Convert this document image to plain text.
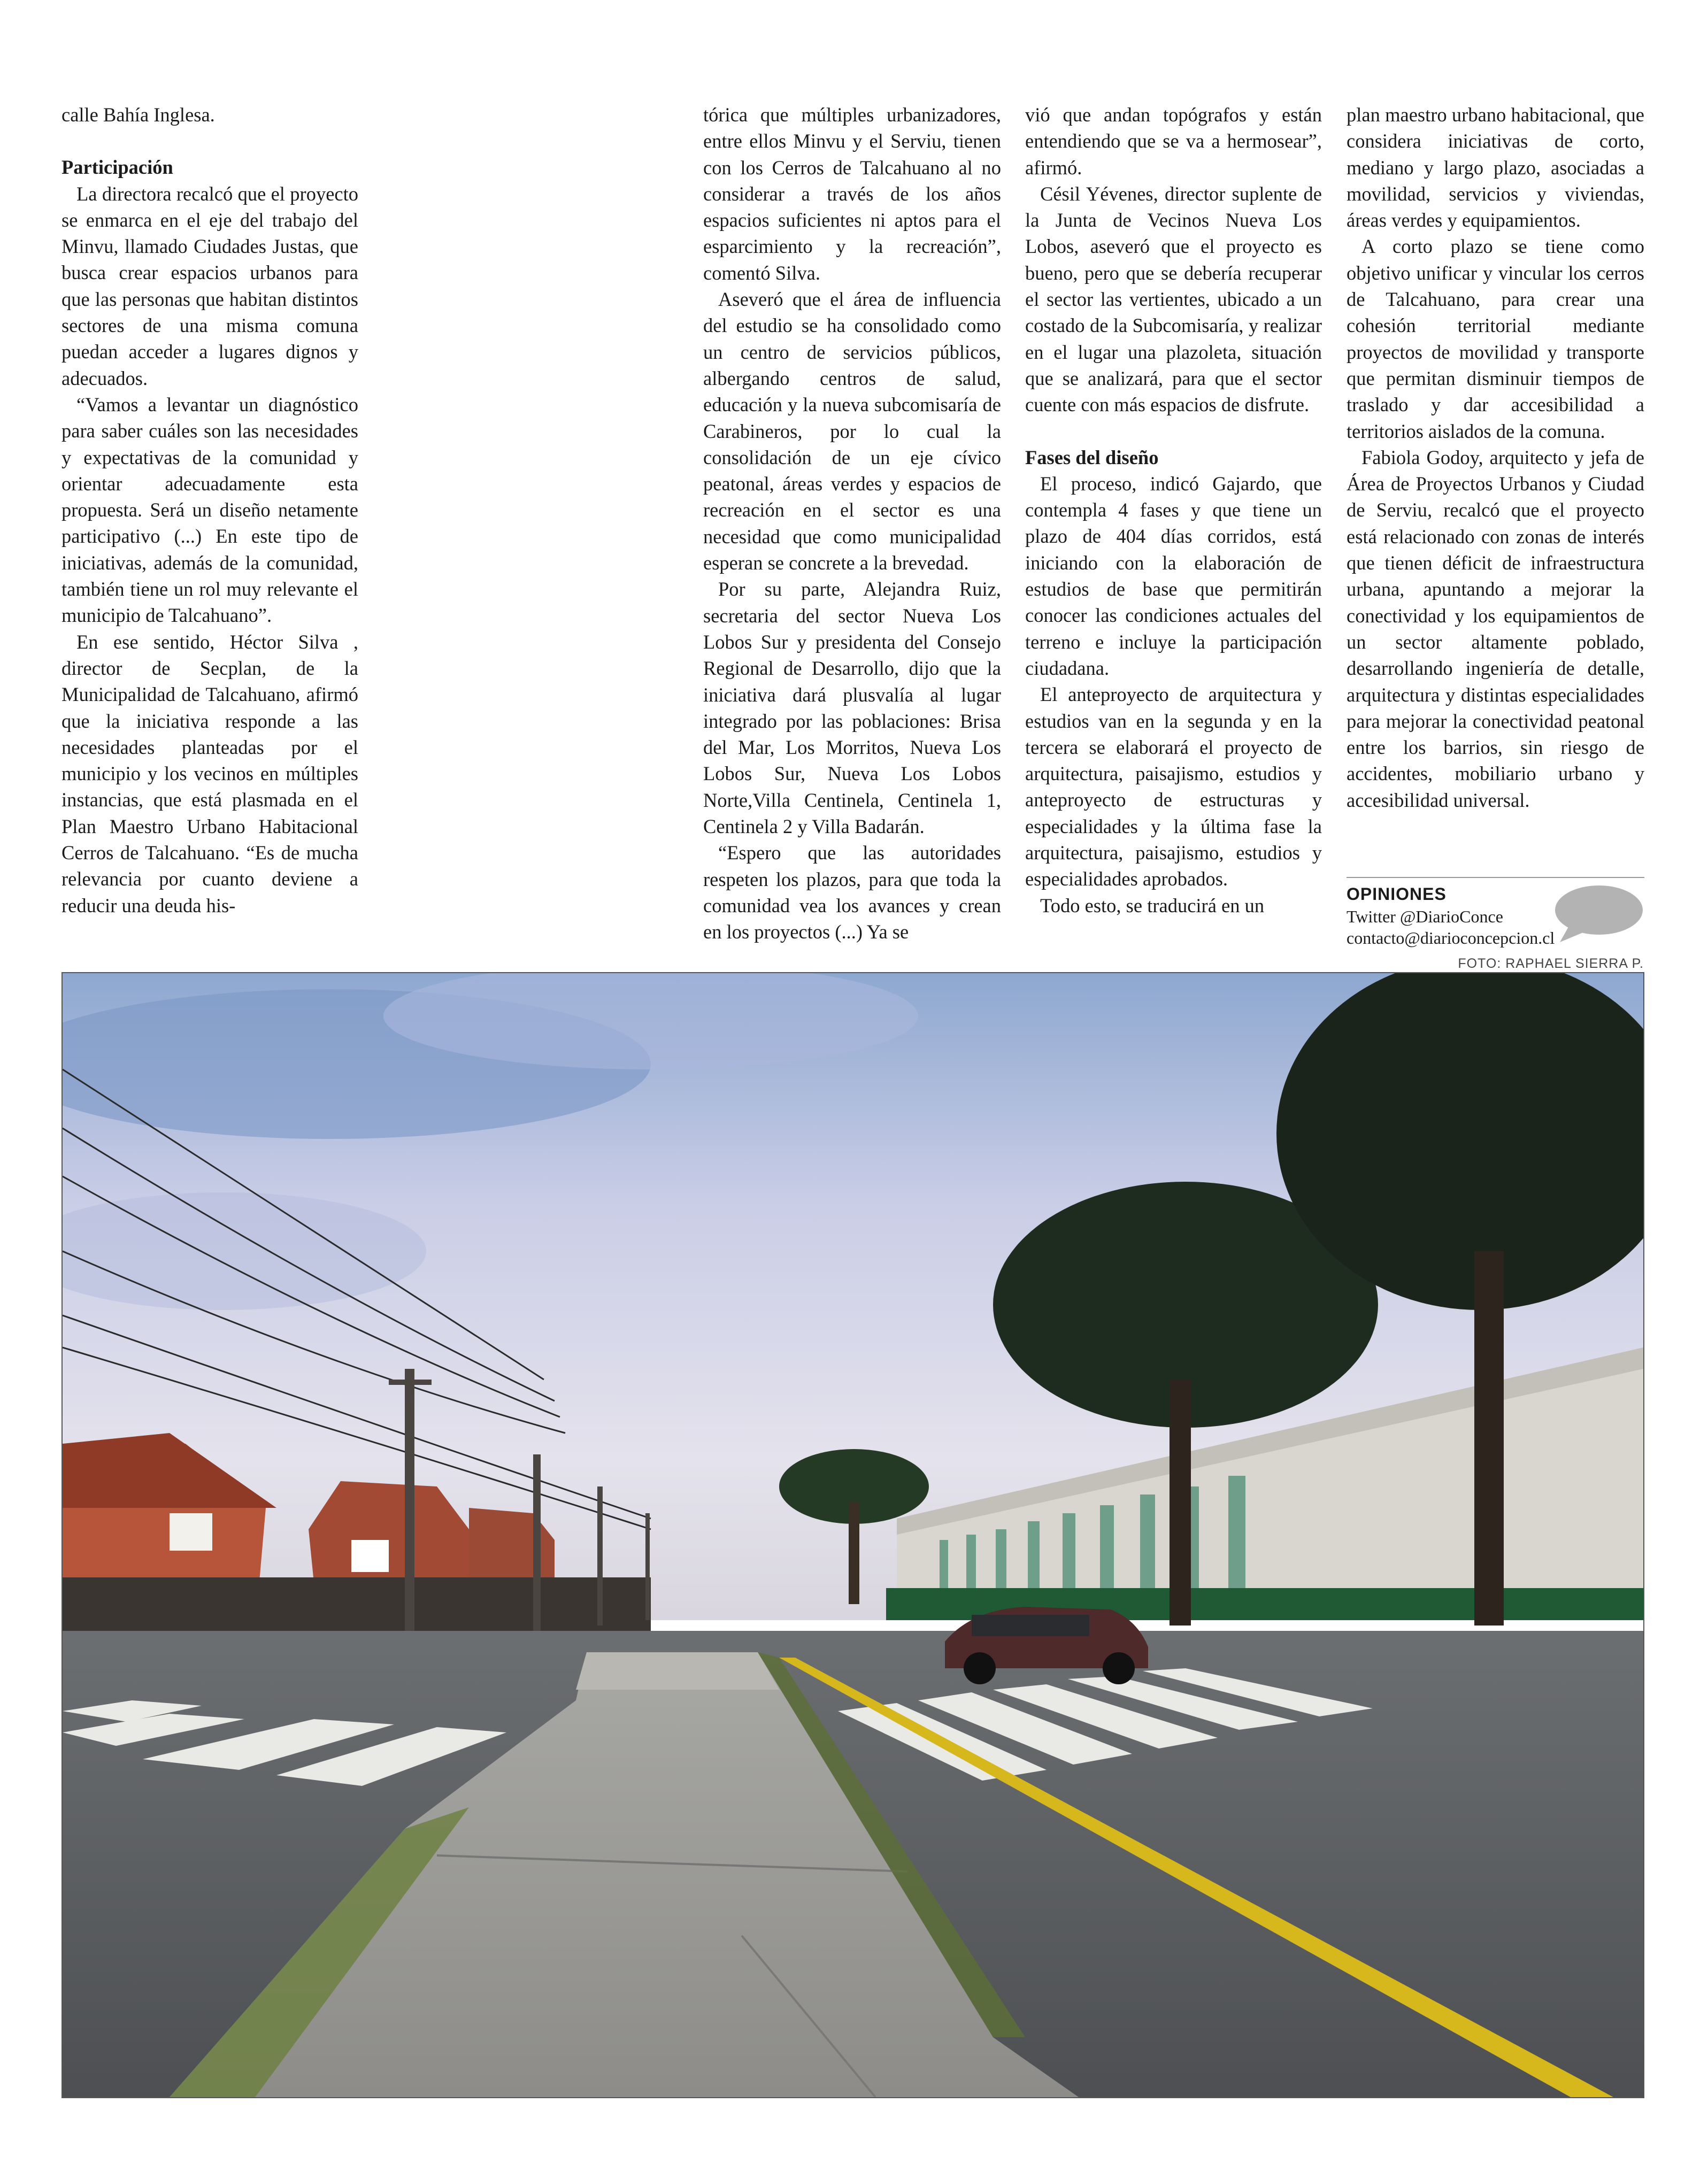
calle Bahía Inglesa.

Participación

La directora recalcó que el proyecto se enmarca en el eje del trabajo del Minvu, llamado Ciudades Justas, que busca crear espacios urbanos para que las personas que habitan distintos sectores de una misma comuna puedan acceder a lugares dignos y adecuados.

“Vamos a levantar un diagnóstico para saber cuáles son las necesidades y expectativas de la comunidad y orientar adecuadamente esta propuesta. Será un diseño netamente participativo (...) En este tipo de iniciativas, además de la comunidad, también tiene un rol muy relevante el municipio de Talcahuano”.

En ese sentido, Héctor Silva , director de Secplan, de la Municipalidad de Talcahuano, afirmó que la iniciativa responde a las necesidades planteadas por el municipio y los vecinos en múltiples instancias, que está plasmada en el Plan Maestro Urbano Habitacional Cerros de Talcahuano. “Es de mucha relevancia por cuanto deviene a reducir una deuda his-

tórica que múltiples urbanizadores, entre ellos Minvu y el Serviu, tienen con los Cerros de Talcahuano al no considerar a través de los años espacios suficientes ni aptos para el esparcimiento y la recreación”, comentó Silva.

Aseveró que el área de influencia del estudio se ha consolidado como un centro de servicios públicos, albergando centros de salud, educación y la nueva subcomisaría de Carabineros, por lo cual la consolidación de un eje cívico peatonal, áreas verdes y espacios de recreación en el sector es una necesidad que como municipalidad esperan se concrete a la brevedad.

Por su parte, Alejandra Ruiz, secretaria del sector Nueva Los Lobos Sur y presidenta del Consejo Regional de Desarrollo, dijo que la iniciativa dará plusvalía al lugar integrado por las poblaciones: Brisa del Mar, Los Morritos, Nueva Los Lobos Sur, Nueva Los Lobos Norte,Villa Centinela, Centinela 1, Centinela 2 y Villa Badarán.

“Espero que las autoridades respeten los plazos, para que toda la comunidad vea los avances y crean en los proyectos (...) Ya se

vió que andan topógrafos y están entendiendo que se va a hermosear”, afirmó.

Césil Yévenes, director suplente de la Junta de Vecinos Nueva Los Lobos, aseveró que el proyecto es bueno, pero que se debería recuperar el sector las vertientes, ubicado a un costado de la Subcomisaría, y realizar en el lugar una plazoleta, situación que se analizará, para que el sector cuente con más espacios de disfrute.

Fases del diseño

El proceso, indicó Gajardo, que contempla 4 fases y que tiene un plazo de 404 días corridos, está iniciando con la elaboración de estudios de base que permitirán conocer las condiciones actuales del terreno e incluye la participación ciudadana.

El anteproyecto de arquitectura y estudios van en la segunda y en la tercera se elaborará el proyecto de arquitectura, paisajismo, estudios y anteproyecto de estructuras y especialidades y la última fase la arquitectura, paisajismo, estudios y especialidades aprobados.

Todo esto, se traducirá en un

plan maestro urbano habitacional, que considera iniciativas de corto, mediano y largo plazo, asociadas a movilidad, servicios y viviendas, áreas verdes y equipamientos.

A corto plazo se tiene como objetivo unificar y vincular los cerros de Talcahuano, para crear una cohesión territorial mediante proyectos de movilidad y transporte que permitan disminuir tiempos de traslado y dar accesibilidad a territorios aislados de la comuna.

Fabiola Godoy, arquitecto y jefa de Área de Proyectos Urbanos y Ciudad de Serviu, recalcó que el proyecto está relacionado con zonas de interés que tienen déficit de infraestructura urbana, apuntando a mejorar la conectividad y los equipamientos de un sector altamente poblado, desarrollando ingeniería de detalle, arquitectura y distintas especialidades para mejorar la conectividad peatonal entre los barrios, sin riesgo de accidentes, mobiliario urbano y accesibilidad universal.

OPINIONES
Twitter @DiarioConce
contacto@diarioconcepcion.cl
FOTO: RAPHAEL SIERRA P.
